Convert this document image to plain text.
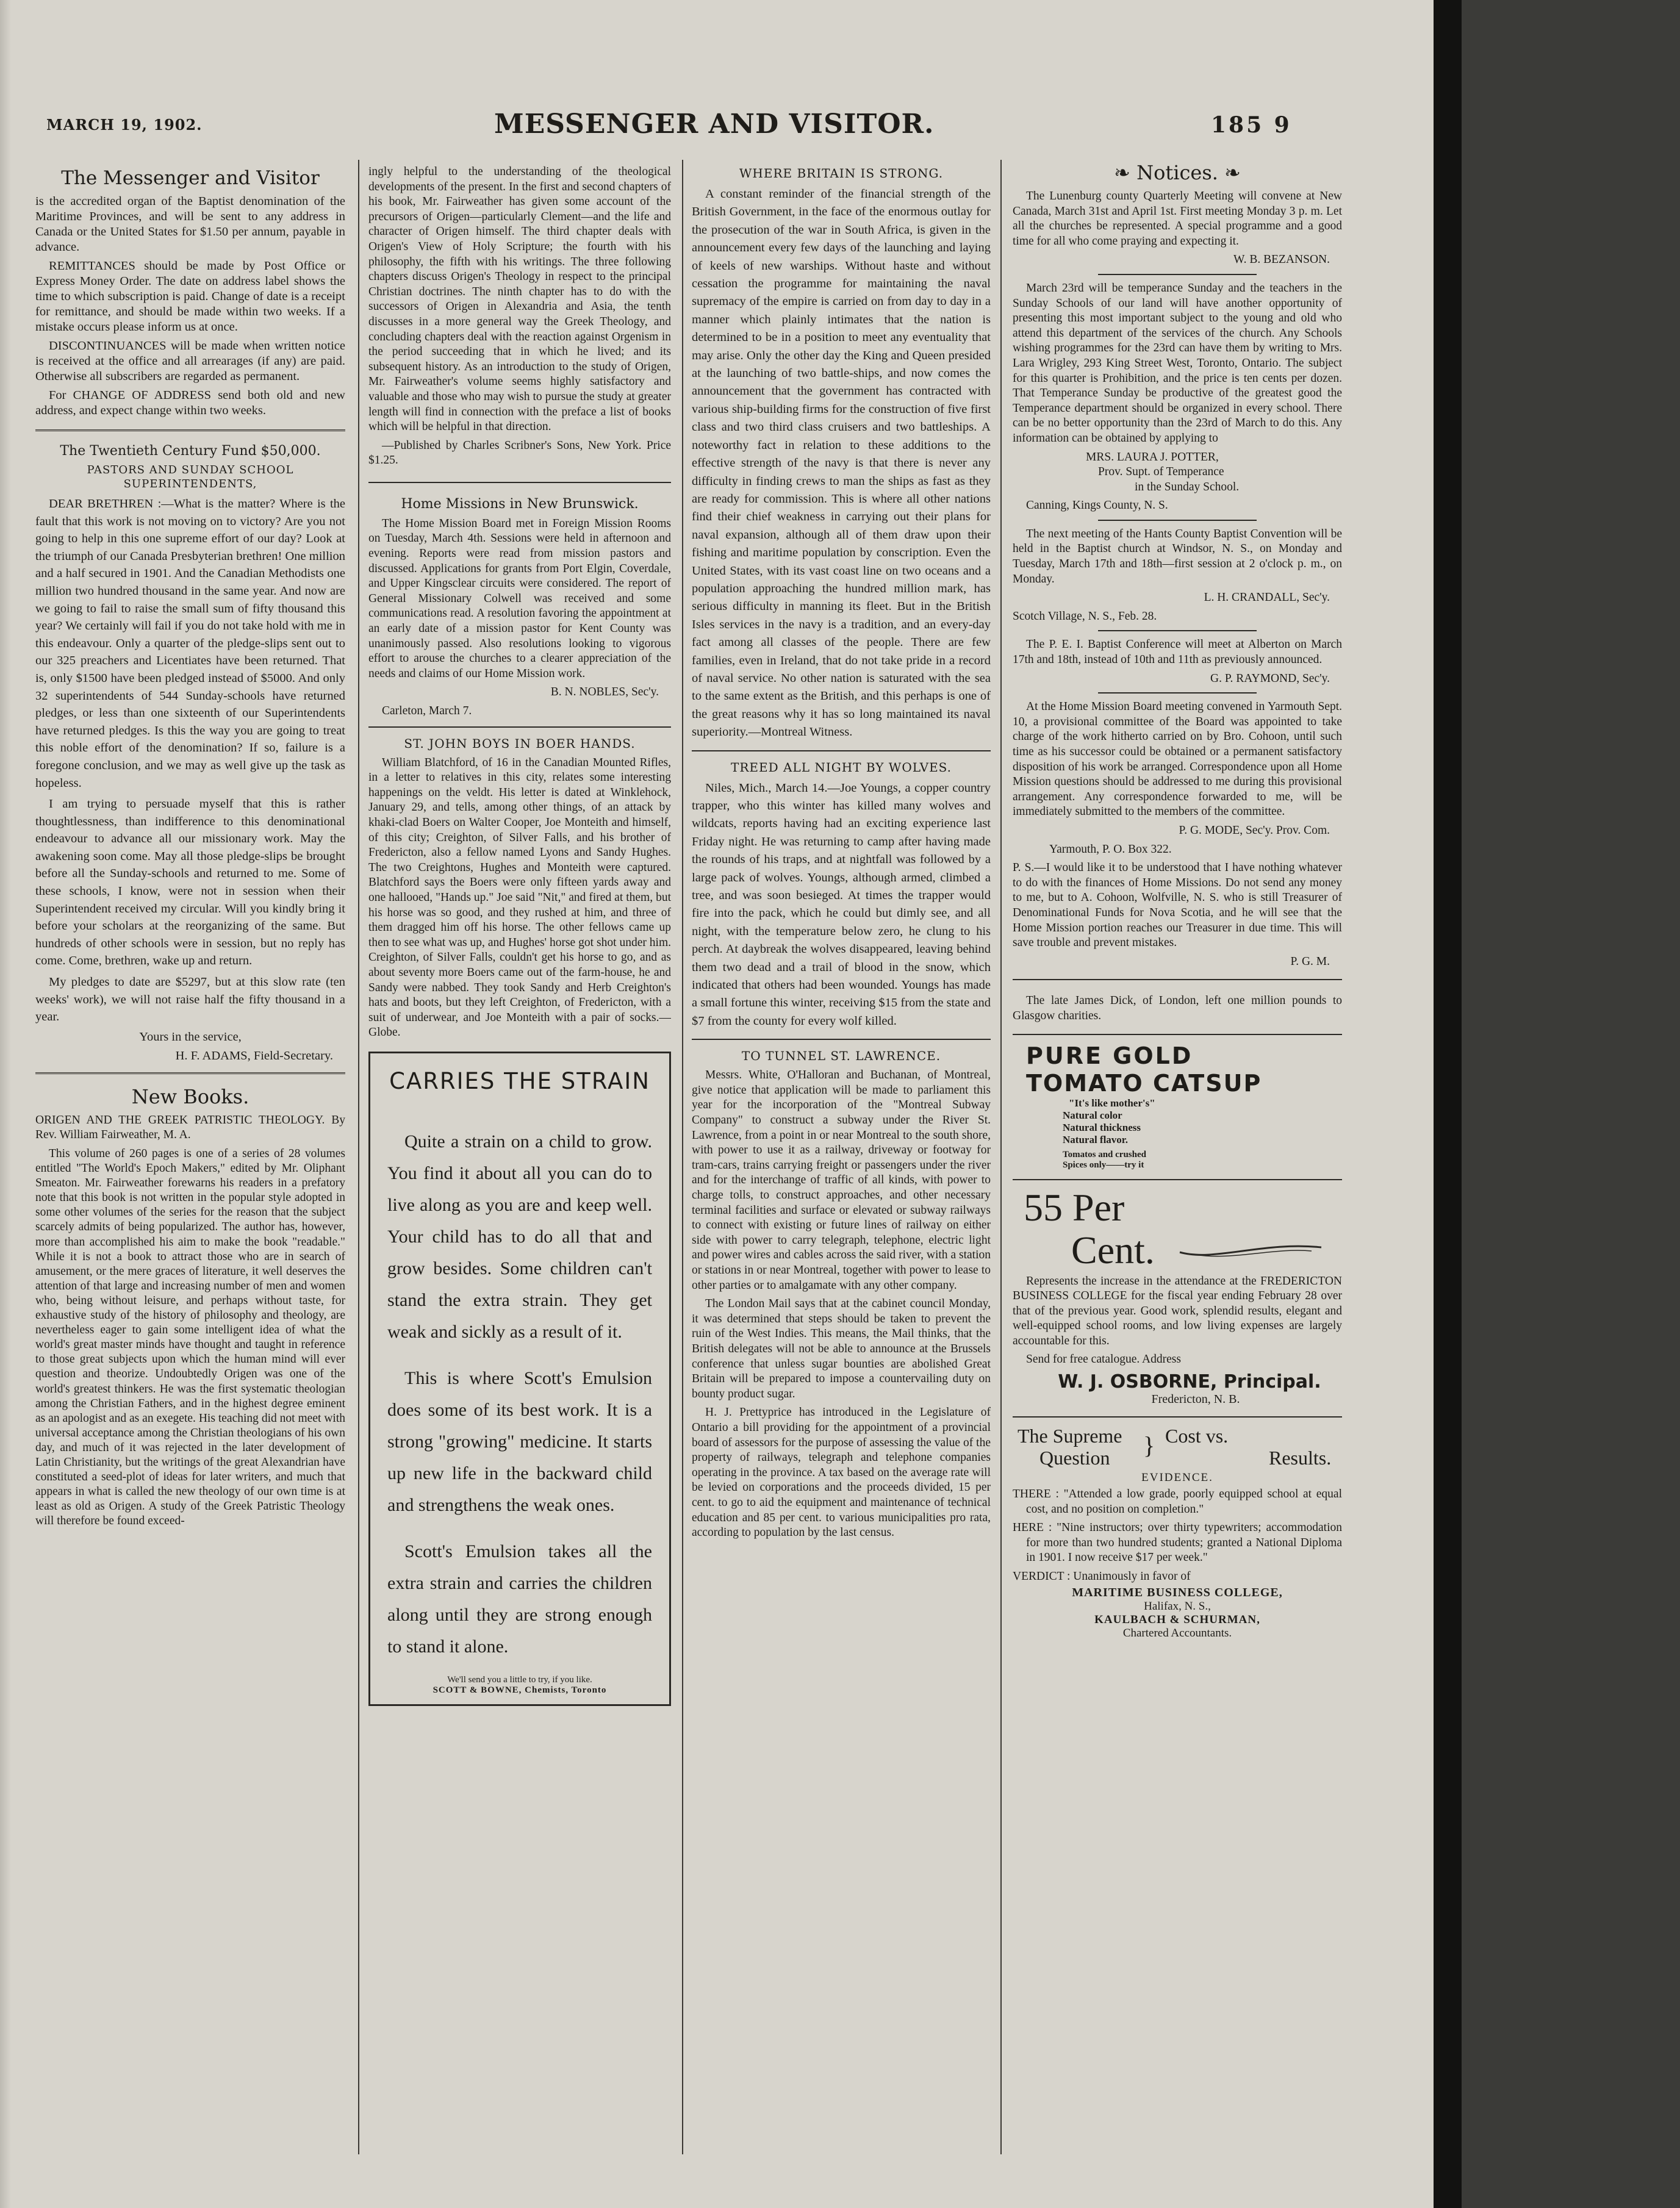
MARCH 19, 1902.	MESSENGER AND VISITOR.	185 9
The Messenger and Visitor

is the accredited organ of the Baptist denomination of the Maritime Provinces, and will be sent to any address in Canada or the United States for $1.50 per annum, payable in advance.

REMITTANCES should be made by Post Office or Express Money Order. The date on address label shows the time to which subscription is paid. Change of date is a receipt for remittance, and should be made within two weeks. If a mistake occurs please inform us at once.

DISCONTINUANCES will be made when written notice is received at the office and all arrearages (if any) are paid. Otherwise all subscribers are regarded as permanent.

For CHANGE OF ADDRESS send both old and new address, and expect change within two weeks.

The Twentieth Century Fund $50,000.
PASTORS AND SUNDAY SCHOOL
SUPERINTENDENTS,

DEAR BRETHREN :—What is the matter? Where is the fault that this work is not moving on to victory? Are you not going to help in this one supreme effort of our day? Look at the triumph of our Canada Presbyterian brethren! One million and a half secured in 1901. And the Canadian Methodists one million two hundred thousand in the same year. And now are we going to fail to raise the small sum of fifty thousand this year? We certainly will fail if you do not take hold with me in this endeavour. Only a quarter of the pledge-slips sent out to our 325 preachers and Licentiates have been returned. That is, only $1500 have been pledged instead of $5000. And only 32 superintendents of 544 Sunday-schools have returned pledges, or less than one sixteenth of our Superintendents have returned pledges. Is this the way you are going to treat this noble effort of the denomination? If so, failure is a foregone conclusion, and we may as well give up the task as hopeless.

I am trying to persuade myself that this is rather thoughtlessness, than indifference to this denominational endeavour to advance all our missionary work. May the awakening soon come. May all those pledge-slips be brought before all the Sunday-schools and returned to me. Some of these schools, I know, were not in session when their Superintendent received my circular. Will you kindly bring it before your scholars at the reorganizing of the same. But hundreds of other schools were in session, but no reply has come. Come, brethren, wake up and return.

My pledges to date are $5297, but at this slow rate (ten weeks' work), we will not raise half the fifty thousand in a year.

Yours in the service,

H. F. ADAMS, Field-Secretary.

New Books.

ORIGEN AND THE GREEK PATRISTIC THEOLOGY. By Rev. William Fairweather, M. A.

This volume of 260 pages is one of a series of 28 volumes entitled "The World's Epoch Makers," edited by Mr. Oliphant Smeaton. Mr. Fairweather forewarns his readers in a prefatory note that this book is not written in the popular style adopted in some other volumes of the series for the reason that the subject scarcely admits of being popularized. The author has, however, more than accomplished his aim to make the book "readable." While it is not a book to attract those who are in search of amusement, or the mere graces of literature, it well deserves the attention of that large and increasing number of men and women who, being without leisure, and perhaps without taste, for exhaustive study of the history of philosophy and theology, are nevertheless eager to gain some intelligent idea of what the world's great master minds have thought and taught in reference to those great subjects upon which the human mind will ever question and theorize. Undoubtedly Origen was one of the world's greatest thinkers. He was the first systematic theologian among the Christian Fathers, and in the highest degree eminent as an apologist and as an exegete. His teaching did not meet with universal acceptance among the Christian theologians of his own day, and much of it was rejected in the later development of Latin Christianity, but the writings of the great Alexandrian have constituted a seed-plot of ideas for later writers, and much that appears in what is called the new theology of our own time is at least as old as Origen. A study of the Greek Patristic Theology will therefore be found exceed-

ingly helpful to the understanding of the theological developments of the present. In the first and second chapters of his book, Mr. Fairweather has given some account of the precursors of Origen—particularly Clement—and the life and character of Origen himself. The third chapter deals with Origen's View of Holy Scripture; the fourth with his philosophy, the fifth with his writings. The three following chapters discuss Origen's Theology in respect to the principal Christian doctrines. The ninth chapter has to do with the successors of Origen in Alexandria and Asia, the tenth discusses in a more general way the Greek Theology, and concluding chapters deal with the reaction against Orgenism in the period succeeding that in which he lived; and its subsequent history. As an introduction to the study of Origen, Mr. Fairweather's volume seems highly satisfactory and valuable and those who may wish to pursue the study at greater length will find in connection with the preface a list of books which will be helpful in that direction.

—Published by Charles Scribner's Sons, New York. Price $1.25.

Home Missions in New Brunswick.

The Home Mission Board met in Foreign Mission Rooms on Tuesday, March 4th. Sessions were held in afternoon and evening. Reports were read from mission pastors and discussed. Applications for grants from Port Elgin, Coverdale, and Upper Kingsclear circuits were considered. The report of General Missionary Colwell was received and some communications read. A resolution favoring the appointment at an early date of a mission pastor for Kent County was unanimously passed. Also resolutions looking to vigorous effort to arouse the churches to a clearer appreciation of the needs and claims of our Home Mission work.

B. N. NOBLES, Sec'y.

Carleton, March 7.

ST. JOHN BOYS IN BOER HANDS.

William Blatchford, of 16 in the Canadian Mounted Rifles, in a letter to relatives in this city, relates some interesting happenings on the veldt. His letter is dated at Winklehock, January 29, and tells, among other things, of an attack by khaki-clad Boers on Walter Cooper, Joe Monteith and himself, of this city; Creighton, of Silver Falls, and his brother of Fredericton, also a fellow named Lyons and Sandy Hughes. The two Creightons, Hughes and Monteith were captured. Blatchford says the Boers were only fifteen yards away and one hallooed, "Hands up." Joe said "Nit," and fired at them, but his horse was so good, and they rushed at him, and three of them dragged him off his horse. The other fellows came up then to see what was up, and Hughes' horse got shot under him. Creighton, of Silver Falls, couldn't get his horse to go, and as about seventy more Boers came out of the farm-house, he and Sandy were nabbed. They took Sandy and Herb Creighton's hats and boots, but they left Creighton, of Fredericton, with a suit of underwear, and Joe Monteith with a pair of socks.—Globe.

CARRIES THE STRAIN

Quite a strain on a child to grow. You find it about all you can do to live along as you are and keep well. Your child has to do all that and grow besides. Some children can't stand the extra strain. They get weak and sickly as a result of it.

This is where Scott's Emulsion does some of its best work. It is a strong "growing" medicine. It starts up new life in the backward child and strengthens the weak ones.

Scott's Emulsion takes all the extra strain and carries the children along until they are strong enough to stand it alone.

We'll send you a little to try, if you like.
SCOTT & BOWNE, Chemists, Toronto
WHERE BRITAIN IS STRONG.

A constant reminder of the financial strength of the British Government, in the face of the enormous outlay for the prosecution of the war in South Africa, is given in the announcement every few days of the launching and laying of keels of new warships. Without haste and without cessation the programme for maintaining the naval supremacy of the empire is carried on from day to day in a manner which plainly intimates that the nation is determined to be in a position to meet any eventuality that may arise. Only the other day the King and Queen presided at the launching of two battle-ships, and now comes the announcement that the government has contracted with various ship-building firms for the construction of five first class and two third class cruisers and two battleships. A noteworthy fact in relation to these additions to the effective strength of the navy is that there is never any difficulty in finding crews to man the ships as fast as they are ready for commission. This is where all other nations find their chief weakness in carrying out their plans for naval expansion, although all of them draw upon their fishing and maritime population by conscription. Even the United States, with its vast coast line on two oceans and a population approaching the hundred million mark, has serious difficulty in manning its fleet. But in the British Isles services in the navy is a tradition, and an every-day fact among all classes of the people. There are few families, even in Ireland, that do not take pride in a record of naval service. No other nation is saturated with the sea to the same extent as the British, and this perhaps is one of the great reasons why it has so long maintained its naval superiority.—Montreal Witness.

TREED ALL NIGHT BY WOLVES.

Niles, Mich., March 14.—Joe Youngs, a copper country trapper, who this winter has killed many wolves and wildcats, reports having had an exciting experience last Friday night. He was returning to camp after having made the rounds of his traps, and at nightfall was followed by a large pack of wolves. Youngs, although armed, climbed a tree, and was soon besieged. At times the trapper would fire into the pack, which he could but dimly see, and all night, with the temperature below zero, he clung to his perch. At daybreak the wolves disappeared, leaving behind them two dead and a trail of blood in the snow, which indicated that others had been wounded. Youngs has made a small fortune this winter, receiving $15 from the state and $7 from the county for every wolf killed.

TO TUNNEL ST. LAWRENCE.

Messrs. White, O'Halloran and Buchanan, of Montreal, give notice that application will be made to parliament this year for the incorporation of the "Montreal Subway Company" to construct a subway under the River St. Lawrence, from a point in or near Montreal to the south shore, with power to use it as a railway, driveway or footway for tram-cars, trains carrying freight or passengers under the river and for the interchange of traffic of all kinds, with power to charge tolls, to construct approaches, and other necessary terminal facilities and surface or elevated or subway railways to connect with existing or future lines of railway on either side with power to carry telegraph, telephone, electric light and power wires and cables across the said river, with a station or stations in or near Montreal, together with power to lease to other parties or to amalgamate with any other company.

The London Mail says that at the cabinet council Monday, it was determined that steps should be taken to prevent the ruin of the West Indies. This means, the Mail thinks, that the British delegates will not be able to announce at the Brussels conference that unless sugar bounties are abolished Great Britain will be prepared to impose a countervailing duty on bounty product sugar.

H. J. Prettyprice has introduced in the Legislature of Ontario a bill providing for the appointment of a provincial board of assessors for the purpose of assessing the value of the property of railways, telegraph and telephone companies operating in the province. A tax based on the average rate will be levied on corporations and the proceeds divided, 15 per cent. to go to aid the equipment and maintenance of technical education and 85 per cent. to various municipalities pro rata, according to population by the last census.

❧ Notices. ❧

The Lunenburg county Quarterly Meeting will convene at New Canada, March 31st and April 1st. First meeting Monday 3 p. m. Let all the churches be represented. A special programme and a good time for all who come praying and expecting it.

W. B. BEZANSON.

March 23rd will be temperance Sunday and the teachers in the Sunday Schools of our land will have another opportunity of presenting this most important subject to the young and old who attend this department of the services of the church. Any Schools wishing programmes for the 23rd can have them by writing to Mrs. Lara Wrigley, 293 King Street West, Toronto, Ontario. The subject for this quarter is Prohibition, and the price is ten cents per dozen. That Temperance Sunday be productive of the greatest good the Temperance department should be organized in every school. There can be no better opportunity than the 23rd of March to do this. Any information can be obtained by applying to

MRS. LAURA J. POTTER,

Prov. Supt. of Temperance

in the Sunday School.

Canning, Kings County, N. S.

The next meeting of the Hants County Baptist Convention will be held in the Baptist church at Windsor, N. S., on Monday and Tuesday, March 17th and 18th—first session at 2 o'clock p. m., on Monday.

L. H. CRANDALL, Sec'y.

Scotch Village, N. S., Feb. 28.

The P. E. I. Baptist Conference will meet at Alberton on March 17th and 18th, instead of 10th and 11th as previously announced.

G. P. RAYMOND, Sec'y.

At the Home Mission Board meeting convened in Yarmouth Sept. 10, a provisional committee of the Board was appointed to take charge of the work hitherto carried on by Bro. Cohoon, until such time as his successor could be obtained or a permanent satisfactory disposition of his work be arranged. Correspondence upon all Home Mission questions should be addressed to me during this provisional arrangement. Any correspondence forwarded to me, will be immediately submitted to the members of the committee.

P. G. MODE, Sec'y. Prov. Com.

Yarmouth, P. O. Box 322.

P. S.—I would like it to be understood that I have nothing whatever to do with the finances of Home Missions. Do not send any money to me, but to A. Cohoon, Wolfville, N. S. who is still Treasurer of Denominational Funds for Nova Scotia, and he will see that the Home Mission portion reaches our Treasurer in due time. This will save trouble and prevent mistakes.

P. G. M.

The late James Dick, of London, left one million pounds to Glasgow charities.

PURE GOLD
TOMATO CATSUP
"It's like mother's"
Natural color
Natural thickness
Natural flavor.
Tomatos and crushed
Spices only——try it
55 Per
Cent.

Represents the increase in the attendance at the FREDERICTON BUSINESS COLLEGE for the fiscal year ending February 28 over that of the previous year. Good work, splendid results, elegant and well-equipped school rooms, and low living expenses are largely accountable for this.

Send for free catalogue. Address

W. J. OSBORNE, Principal.
Fredericton, N. B.
The Supreme } Cost vs.
Question	Results.
EVIDENCE.

THERE : "Attended a low grade, poorly equipped school at equal cost, and no position on completion."

HERE : "Nine instructors; over thirty typewriters; accommodation for more than two hundred students; granted a National Diploma in 1901. I now receive $17 per week."

VERDICT : Unanimously in favor of

MARITIME BUSINESS COLLEGE,
Halifax, N. S.,
KAULBACH & SCHURMAN,
Chartered Accountants.
